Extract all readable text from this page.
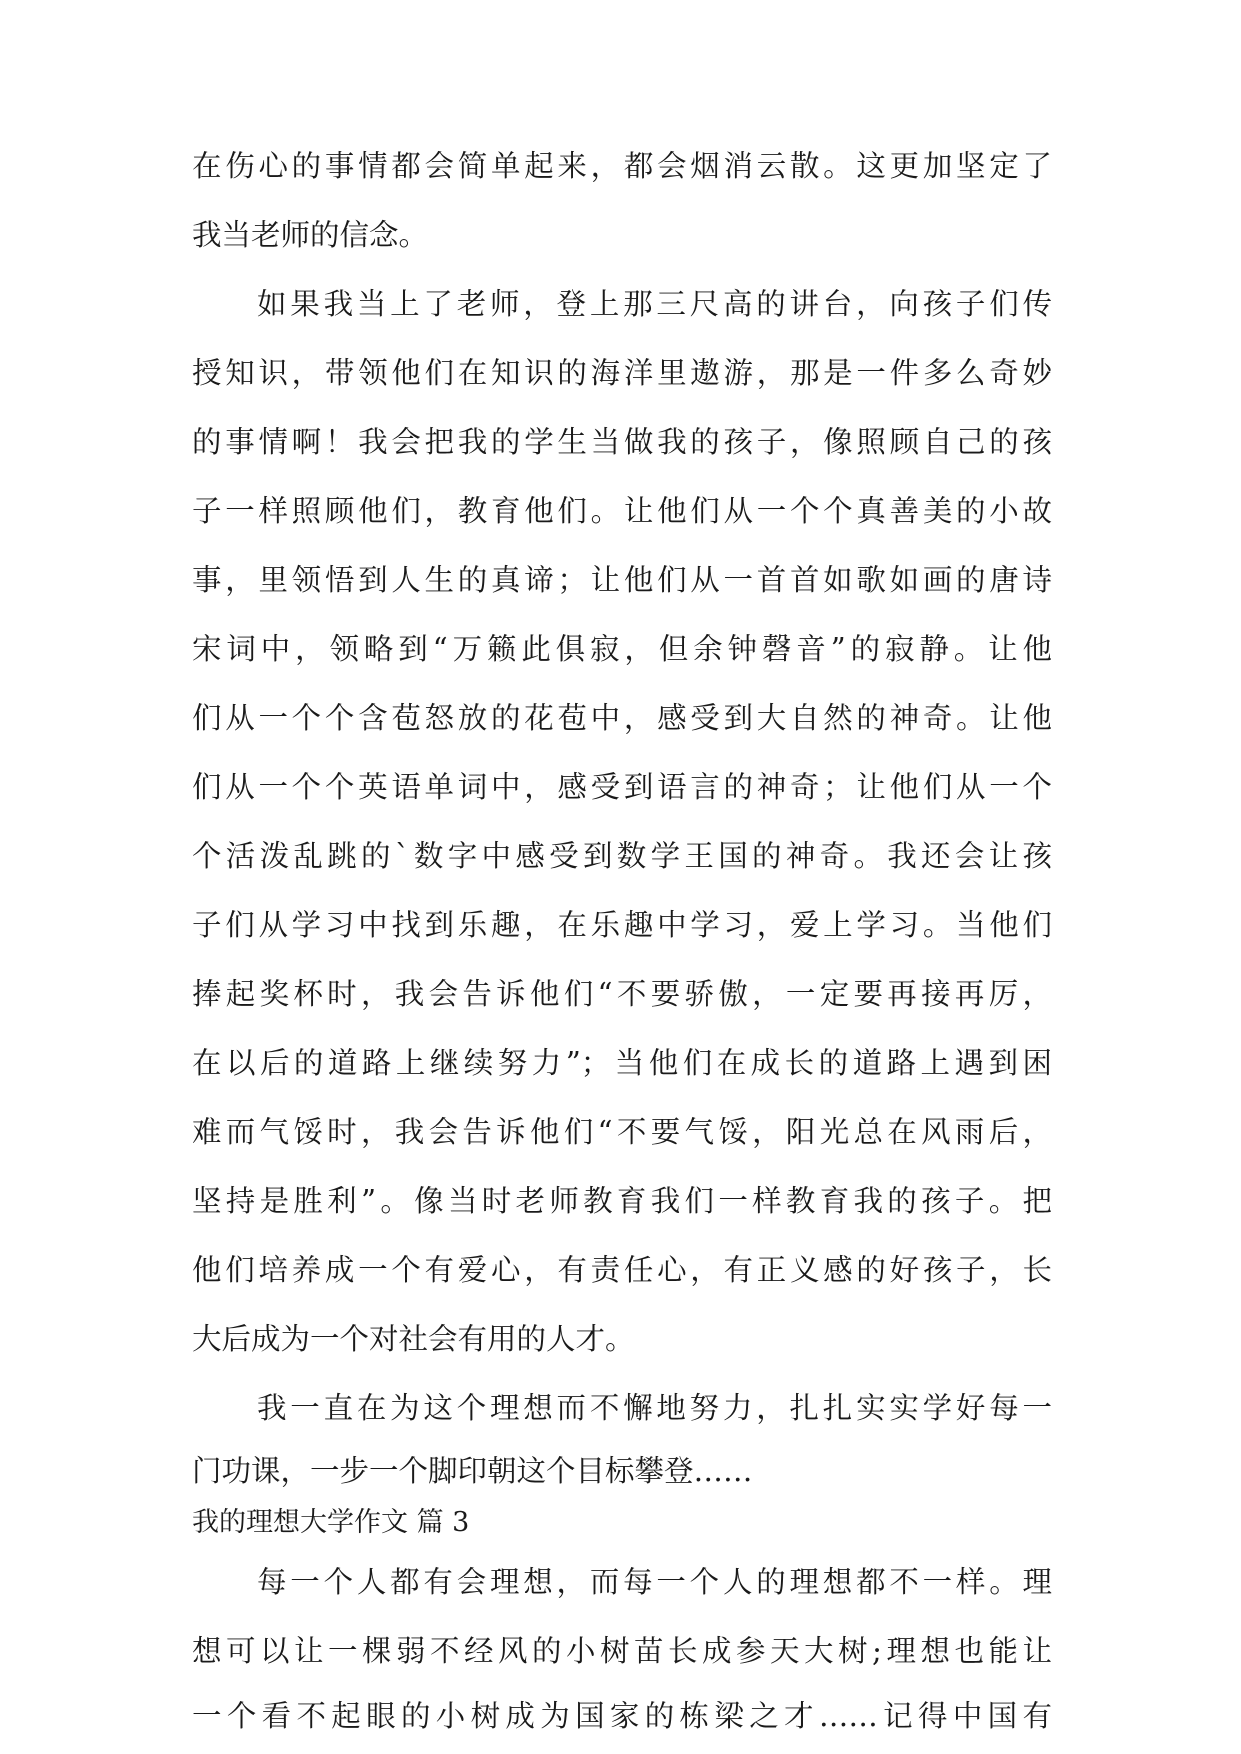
在伤心的事情都会简单起来，都会烟消云散。这更加坚定了
我当老师的信念。
如果我当上了老师，登上那三尺高的讲台，向孩子们传
授知识，带领他们在知识的海洋里遨游，那是一件多么奇妙
的事情啊！我会把我的学生当做我的孩子，像照顾自己的孩
子一样照顾他们，教育他们。让他们从一个个真善美的小故
事，里领悟到人生的真谛；让他们从一首首如歌如画的唐诗
宋词中，领略到“万籁此俱寂，但余钟磬音”的寂静。让他
们从一个个含苞怒放的花苞中，感受到大自然的神奇。让他
们从一个个英语单词中，感受到语言的神奇；让他们从一个
个活泼乱跳的`数字中感受到数学王国的神奇。我还会让孩
子们从学习中找到乐趣，在乐趣中学习，爱上学习。当他们
捧起奖杯时，我会告诉他们“不要骄傲，一定要再接再厉，
在以后的道路上继续努力”；当他们在成长的道路上遇到困
难而气馁时，我会告诉他们“不要气馁，阳光总在风雨后，
坚持是胜利”。像当时老师教育我们一样教育我的孩子。把
他们培养成一个有爱心，有责任心，有正义感的好孩子，长
大后成为一个对社会有用的人才。
我一直在为这个理想而不懈地努力，扎扎实实学好每一
门功课，一步一个脚印朝这个目标攀登……
我的理想大学作文 篇 3
每一个人都有会理想，而每一个人的理想都不一样。理
想可以让一棵弱不经风的小树苗长成参天大树;理想也能让
一个看不起眼的小树成为国家的栋梁之才……记得中国有
